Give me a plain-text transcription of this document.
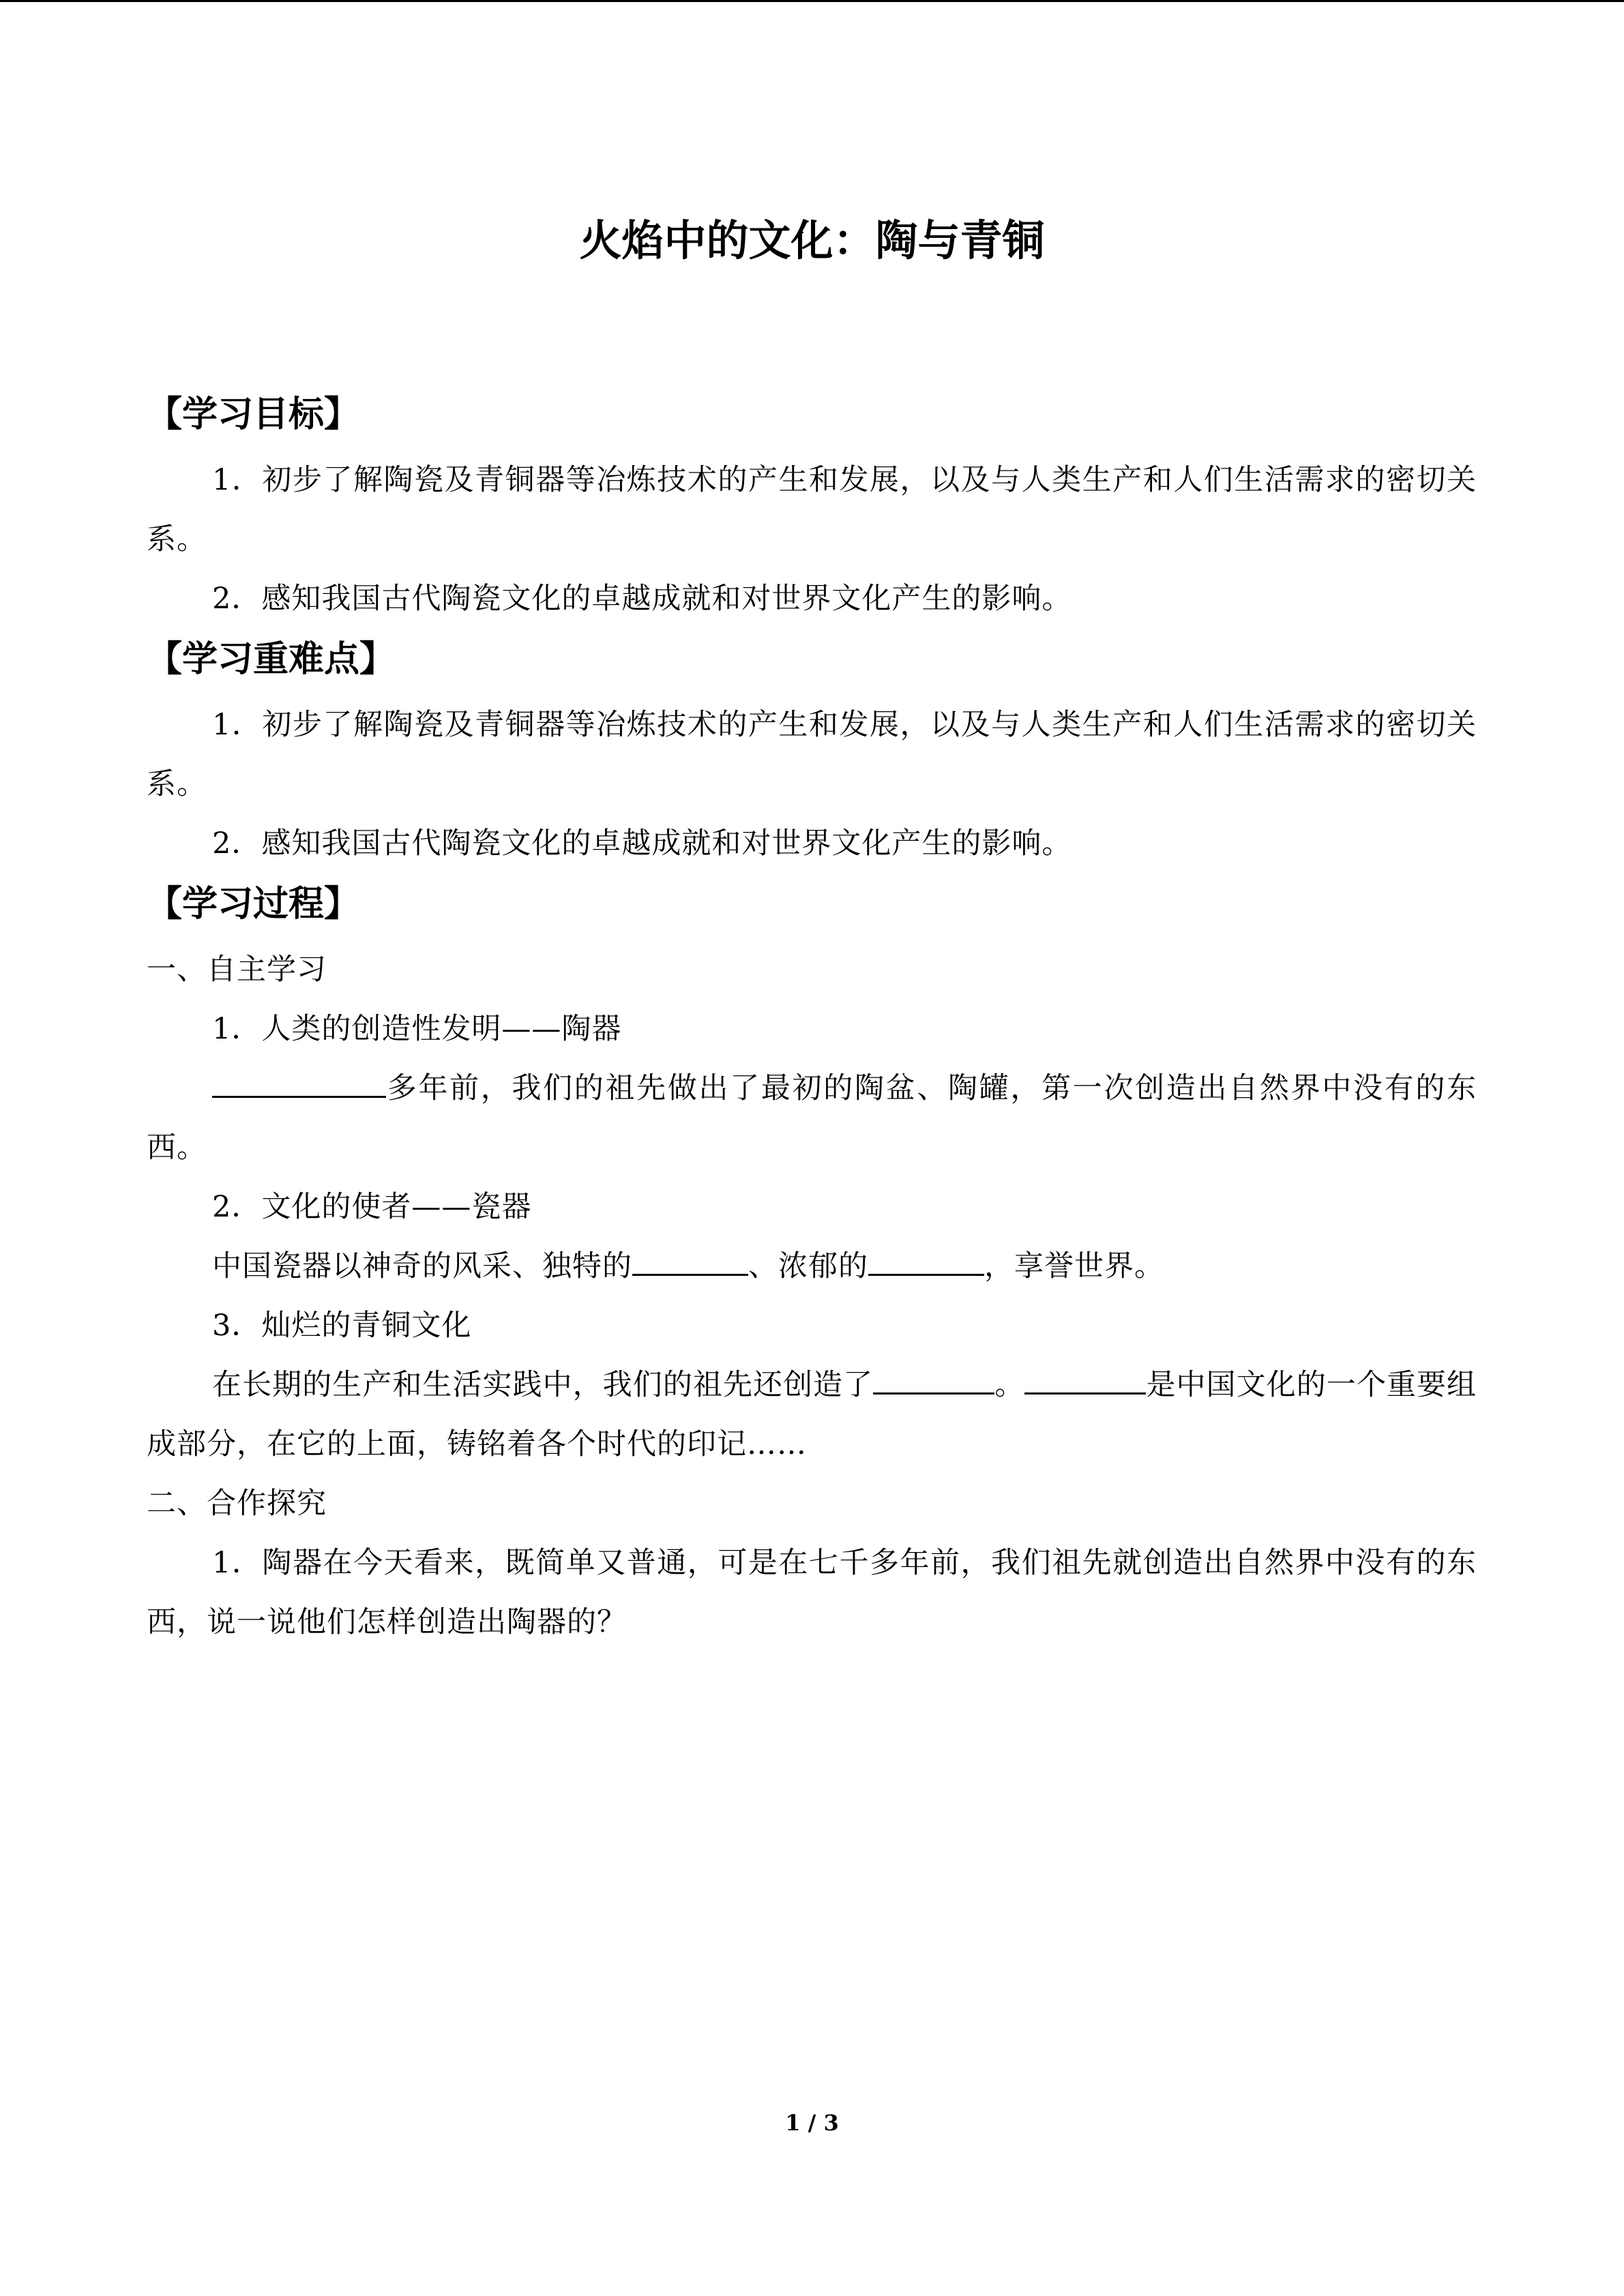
火焰中的文化：陶与青铜
【学习目标】
1．初步了解陶瓷及青铜器等冶炼技术的产生和发展，以及与人类生产和人们生活需求的密切关系。
2．感知我国古代陶瓷文化的卓越成就和对世界文化产生的影响。
【学习重难点】
1．初步了解陶瓷及青铜器等冶炼技术的产生和发展，以及与人类生产和人们生活需求的密切关系。
2．感知我国古代陶瓷文化的卓越成就和对世界文化产生的影响。
【学习过程】
一、自主学习
1．人类的创造性发明——陶器
多年前，我们的祖先做出了最初的陶盆、陶罐，第一次创造出自然界中没有的东西。
2．文化的使者——瓷器
中国瓷器以神奇的风采、独特的	、浓郁的	，享誉世界。
3．灿烂的青铜文化
在长期的生产和生活实践中，我们的祖先还创造了	。	是中国文化的一个重要组成部分，在它的上面，铸铭着各个时代的印记……
二、合作探究
1．陶器在今天看来，既简单又普通，可是在七千多年前，我们祖先就创造出自然界中没有的东西，说一说他们怎样创造出陶器的？
1 / 3
